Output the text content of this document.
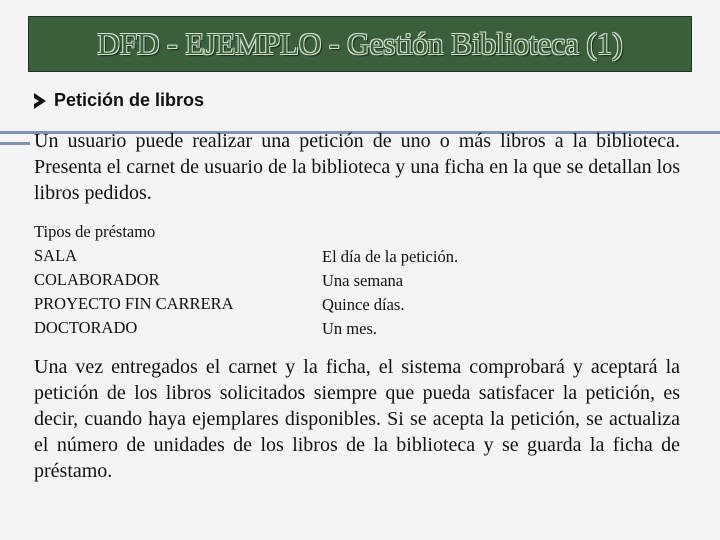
DFD - EJEMPLO - Gestión Biblioteca (1)
Petición de libros
Un usuario puede realizar una petición de uno o más libros a la biblioteca. Presenta el carnet de usuario de la biblioteca y una ficha en la que se detallan los libros pedidos.
Tipos de préstamo
SALA
COLABORADOR
PROYECTO FIN CARRERA
DOCTORADO
El día de la petición.
Una semana
Quince días.
Un mes.
Una vez entregados el carnet y la ficha, el sistema comprobará y aceptará la petición de los libros solicitados siempre que pueda satisfacer la petición, es decir, cuando haya ejemplares disponibles. Si se acepta la petición, se actualiza el número de unidades de los libros de la biblioteca y se guarda la ficha de préstamo.
